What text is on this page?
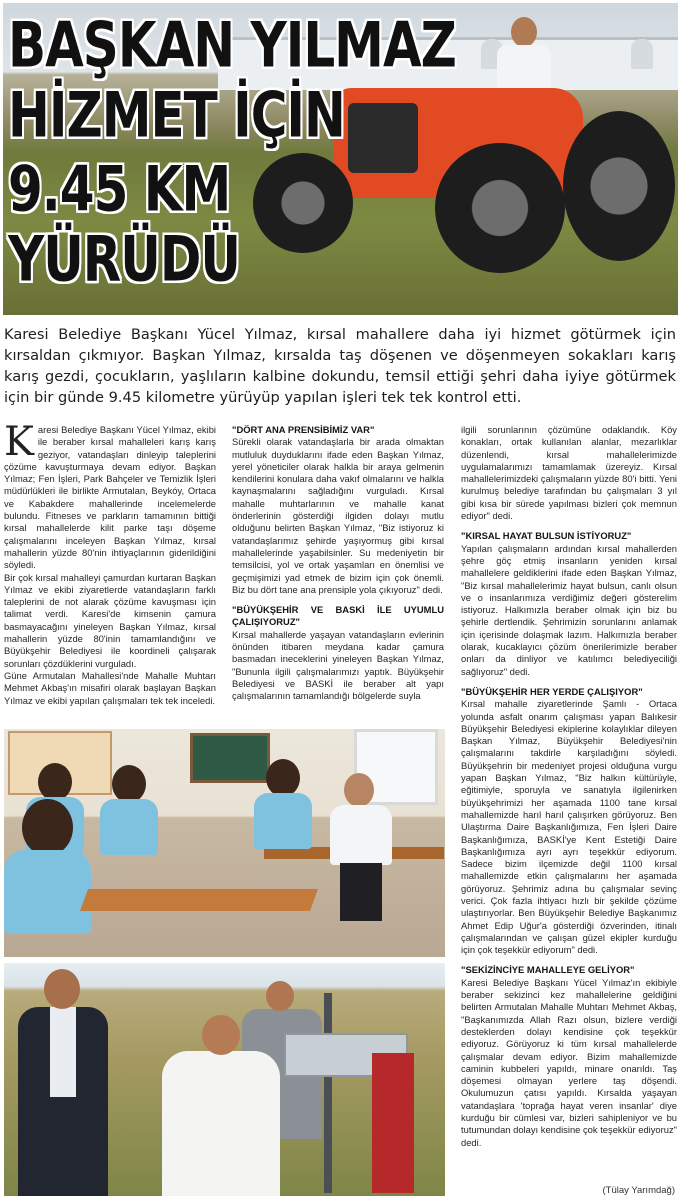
BAŞKAN YILMAZ
HİZMET İÇİN
9.45 KM
YÜRÜDÜ

Karesi Belediye Başkanı Yücel Yılmaz, kırsal mahallere daha iyi hizmet götürmek için kırsaldan çıkmıyor. Başkan Yılmaz, kırsalda taş döşenen ve döşenmeyen sokakları karış karış gezdi, çocukların, yaşlıların kalbine dokundu, temsil ettiği şehri daha iyiye götürmek için bir günde 9.45 kilometre yürüyüp yapılan işleri tek tek kontrol etti.

Karesi Belediye Başkanı Yücel Yılmaz, ekibi ile beraber kırsal mahalleleri karış karış geziyor, vatandaşları dinleyip taleplerini çözüme kavuşturmaya devam ediyor. Başkan Yılmaz; Fen İşleri, Park Bahçeler ve Temizlik İşleri müdürlükleri ile birlikte Armutalan, Beykóy, Ortaca ve Kabakdere mahallerinde incelemelerde bulundu. Fitneses ve parkların tamamının bittiği kırsal mahallelerde kilit parke taşı döşeme çalışmalarını inceleyen Başkan Yılmaz, kırsal mahallerin yüzde 80'nin ihtiyaçlarının giderildiğini söyledi.

Bir çok kırsal mahalleyi çamurdan kurtaran Başkan Yılmaz ve ekibi ziyaretlerde vatandaşların farklı taleplerini de not alarak çözüme kavuşması için talimat verdi. Karesi'de kimsenin çamura basmayacağını yineleyen Başkan Yılmaz, kırsal mahallerin yüzde 80'inin tamamlandığını ve Büyükşehir Belediyesi ile koordineli çalışarak sorunları çözdüklerini vurguladı.

Güne Armutalan Mahallesi'nde Mahalle Muhtarı Mehmet Akbaş'ın misafiri olarak başlayan Başkan Yılmaz ve ekibi yapılan çalışmaları tek tek inceledi.

"DÖRT ANA PRENSİBİMİZ VAR"

Sürekli olarak vatandaşlarla bir arada olmaktan mutluluk duyduklarını ifade eden Başkan Yılmaz, yerel yöneticiler olarak halkla bir araya gelmenin kendilerini konulara daha vakıf olmalarını ve halkla kaynaşmalarını sağladığını vurguladı. Kırsal mahalle muhtarlarının ve mahalle kanat önderlerinin gösterdiği ilgiden dolayı mutlu olduğunu belirten Başkan Yılmaz, "Biz istiyoruz ki vatandaşlarımız şehirde yaşıyormuş gibi kırsal mahallelerinde yaşabilsinler. Su medeniyetin bir temsilcisi, yol ve ortak yaşamları en önemlisi ve geçmişimizi yad etmek de bizim için çok önemli. Biz bu dört tane ana prensiple yola çıkıyoruz" dedi.

"BÜYÜKŞEHİR VE BASKİ İLE UYUMLU ÇALIŞIYORUZ"

Kırsal mahallerde yaşayan vatandaşların evlerinin önünden itibaren meydana kadar çamura basmadan ineceklerini yineleyen Başkan Yılmaz, "Bununla ilgili çalışmalarımızı yaptık. Büyükşehir Belediyesi ve BASKİ ile beraber alt yapı çalışmalarının tamamlandığı bölgelerde suyla

ilgili sorunlarının çözümüne odaklandık. Köy konakları, ortak kullanılan alanlar, mezarlıklar düzenlendi, kırsal mahallelerimizde uygulamalarımızı tamamlamak üzereyiz. Kırsal mahallelerimizdeki çalışmaların yüzde 80'i bitti. Yeni kurulmuş belediye tarafından bu çalışmaları 3 yıl gibi kısa bir sürede yapılması bizleri çok memnun ediyor" dedi.

"KIRSAL HAYAT BULSUN İSTİYORUZ"

Yapılan çalışmaların ardından kırsal mahallerden şehre göç etmiş insanların yeniden kırsal mahallelere geldiklerini ifade eden Başkan Yılmaz, "Biz kırsal mahallelerimiz hayat bulsun, canlı olsun ve o insanlarımıza verdiğimiz değeri gösterelim istiyoruz. Halkımızla beraber olmak için biz bu şehirle dertlendik. Şehrimizin sorunlarını anlamak için içerisinde dolaşmak lazım. Halkımızla beraber olarak, kucaklayıcı çözüm önerilerimizle beraber onları da dinliyor ve katılımcı belediyeciliği sağlıyoruz" dedi.

"BÜYÜKŞEHİR HER YERDE ÇALIŞIYOR"

Kırsal mahalle ziyaretlerinde Şamlı - Ortaca yolunda asfalt onarım çalışması yapan Balıkesir Büyükşehir Belediyesi ekiplerine kolaylıklar dileyen Başkan Yılmaz, Büyükşehir Belediyesi'nin çalışmalarını takdirle karşıladığını söyledi. Büyükşehrin bir medeniyet projesi olduğuna vurgu yapan Başkan Yılmaz, "Biz halkın kültürüyle, eğitimiyle, sporuyla ve sanatıyla ilgilenirken büyükşehrimizi her aşamada 1100 tane kırsal mahallemizde harıl harıl çalışırken görüyoruz. Ben Ulaştırma Daire Başkanlığımıza, Fen İşleri Daire Başkanlığımıza, BASKİ'ye Kent Estetiği Daire Başkanlığımıza ayrı ayrı teşekkür ediyorum. Sadece bizim ilçemizde değil 1100 kırsal mahallemizde etkin çalışmalarını her aşamada görüyoruz. Şehrimiz adına bu çalışmalar sevinç verici. Çok fazla ihtiyacı hızlı bir şekilde çözüme ulaştırıyorlar. Ben Büyükşehir Belediye Başkanımız Ahmet Edip Uğur'a gösterdiği özverinden, itinalı çalışmalarından ve çalışan güzel ekipler kurduğu için çok teşekkür ediyorum" dedi.

"SEKİZİNCİYE MAHALLEYE GELİYOR"

Karesi Belediye Başkanı Yücel Yılmaz'ın ekibiyle beraber sekizinci kez mahallelerine geldiğini belirten Armutalan Mahalle Muhtarı Mehmet Akbaş, "Başkanımızda Allah Razı olsun, bizlere verdiği desteklerden dolayı kendisine çok teşekkür ediyoruz. Görüyoruz ki tüm kırsal mahallelerde çalışmalar devam ediyor. Bizim mahallemizde caminin kubbeleri yapıldı, minare onarıldı. Taş döşemesi olmayan yerlere taş döşendi. Okulumuzun çatısı yapıldı. Kırsalda yaşayan vatandaşlara 'toprağa hayat veren insanlar' diye kurduğu bir cümlesi var, bizleri sahipleniyor ve bu tutumundan dolayı kendisine çok teşekkür ediyoruz" dedi.

(Tülay Yarımdağ)
